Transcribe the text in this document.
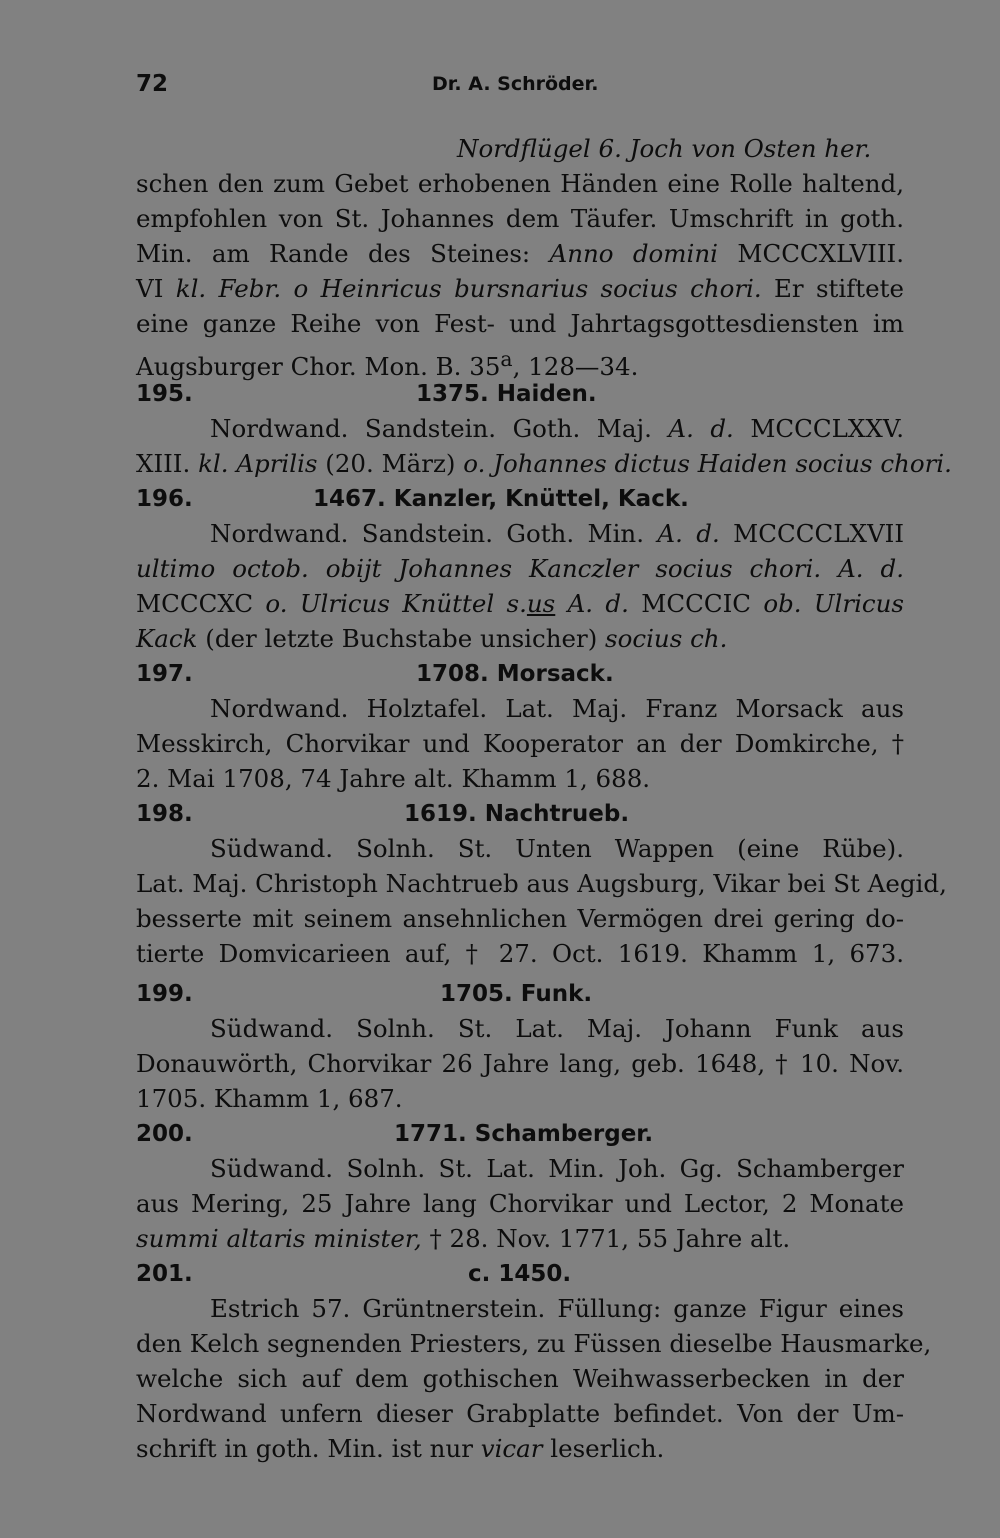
72	Dr. A. Schröder.
Nordflügel 6. Joch von Osten her.
schen den zum Gebet erhobenen Händen eine Rolle haltend,
empfohlen von St. Johannes dem Täufer. Umschrift in goth.
Min. am Rande des Steines: Anno domini MCCCXLVIII.
VI kl. Febr. o Heinricus bursnarius socius chori. Er stiftete
eine ganze Reihe von Fest- und Jahrtagsgottesdiensten im
Augsburger Chor. Mon. B. 35$^a$, 128—34.
195.	1375. Haiden.
Nordwand. Sandstein. Goth. Maj. A. d. MCCCLXXV.
XIII. kl. Aprilis (20. März) o. Johannes dictus Haiden socius chori.
196.	1467. Kanzler, Knüttel, Kack.
Nordwand. Sandstein. Goth. Min. A. d. MCCCCLXVII
ultimo octob. obijt Johannes Kanczler socius chori. A. d.
MCCCXC o. Ulricus Knüttel s.us A. d. MCCCIC ob. Ulricus
Kack (der letzte Buchstabe unsicher) socius ch.
197.	1708. Morsack.
Nordwand. Holztafel. Lat. Maj. Franz Morsack aus
Messkirch, Chorvikar und Kooperator an der Domkirche, †
2. Mai 1708, 74 Jahre alt. Khamm 1, 688.
198.	1619. Nachtrueb.
Südwand. Solnh. St. Unten Wappen (eine Rübe).
Lat. Maj. Christoph Nachtrueb aus Augsburg, Vikar bei St Aegid,
besserte mit seinem ansehnlichen Vermögen drei gering do-
tierte Domvicarieen auf, † 27. Oct. 1619. Khamm 1, 673.
199.	1705. Funk.
Südwand. Solnh. St. Lat. Maj. Johann Funk aus
Donauwörth, Chorvikar 26 Jahre lang, geb. 1648, † 10. Nov.
1705. Khamm 1, 687.
200.	1771. Schamberger.
Südwand. Solnh. St. Lat. Min. Joh. Gg. Schamberger
aus Mering, 25 Jahre lang Chorvikar und Lector, 2 Monate
summi altaris minister, † 28. Nov. 1771, 55 Jahre alt.
201.	c. 1450.
Estrich 57. Grüntnerstein. Füllung: ganze Figur eines
den Kelch segnenden Priesters, zu Füssen dieselbe Hausmarke,
welche sich auf dem gothischen Weihwasserbecken in der
Nordwand unfern dieser Grabplatte befindet. Von der Um-
schrift in goth. Min. ist nur vicar leserlich.
